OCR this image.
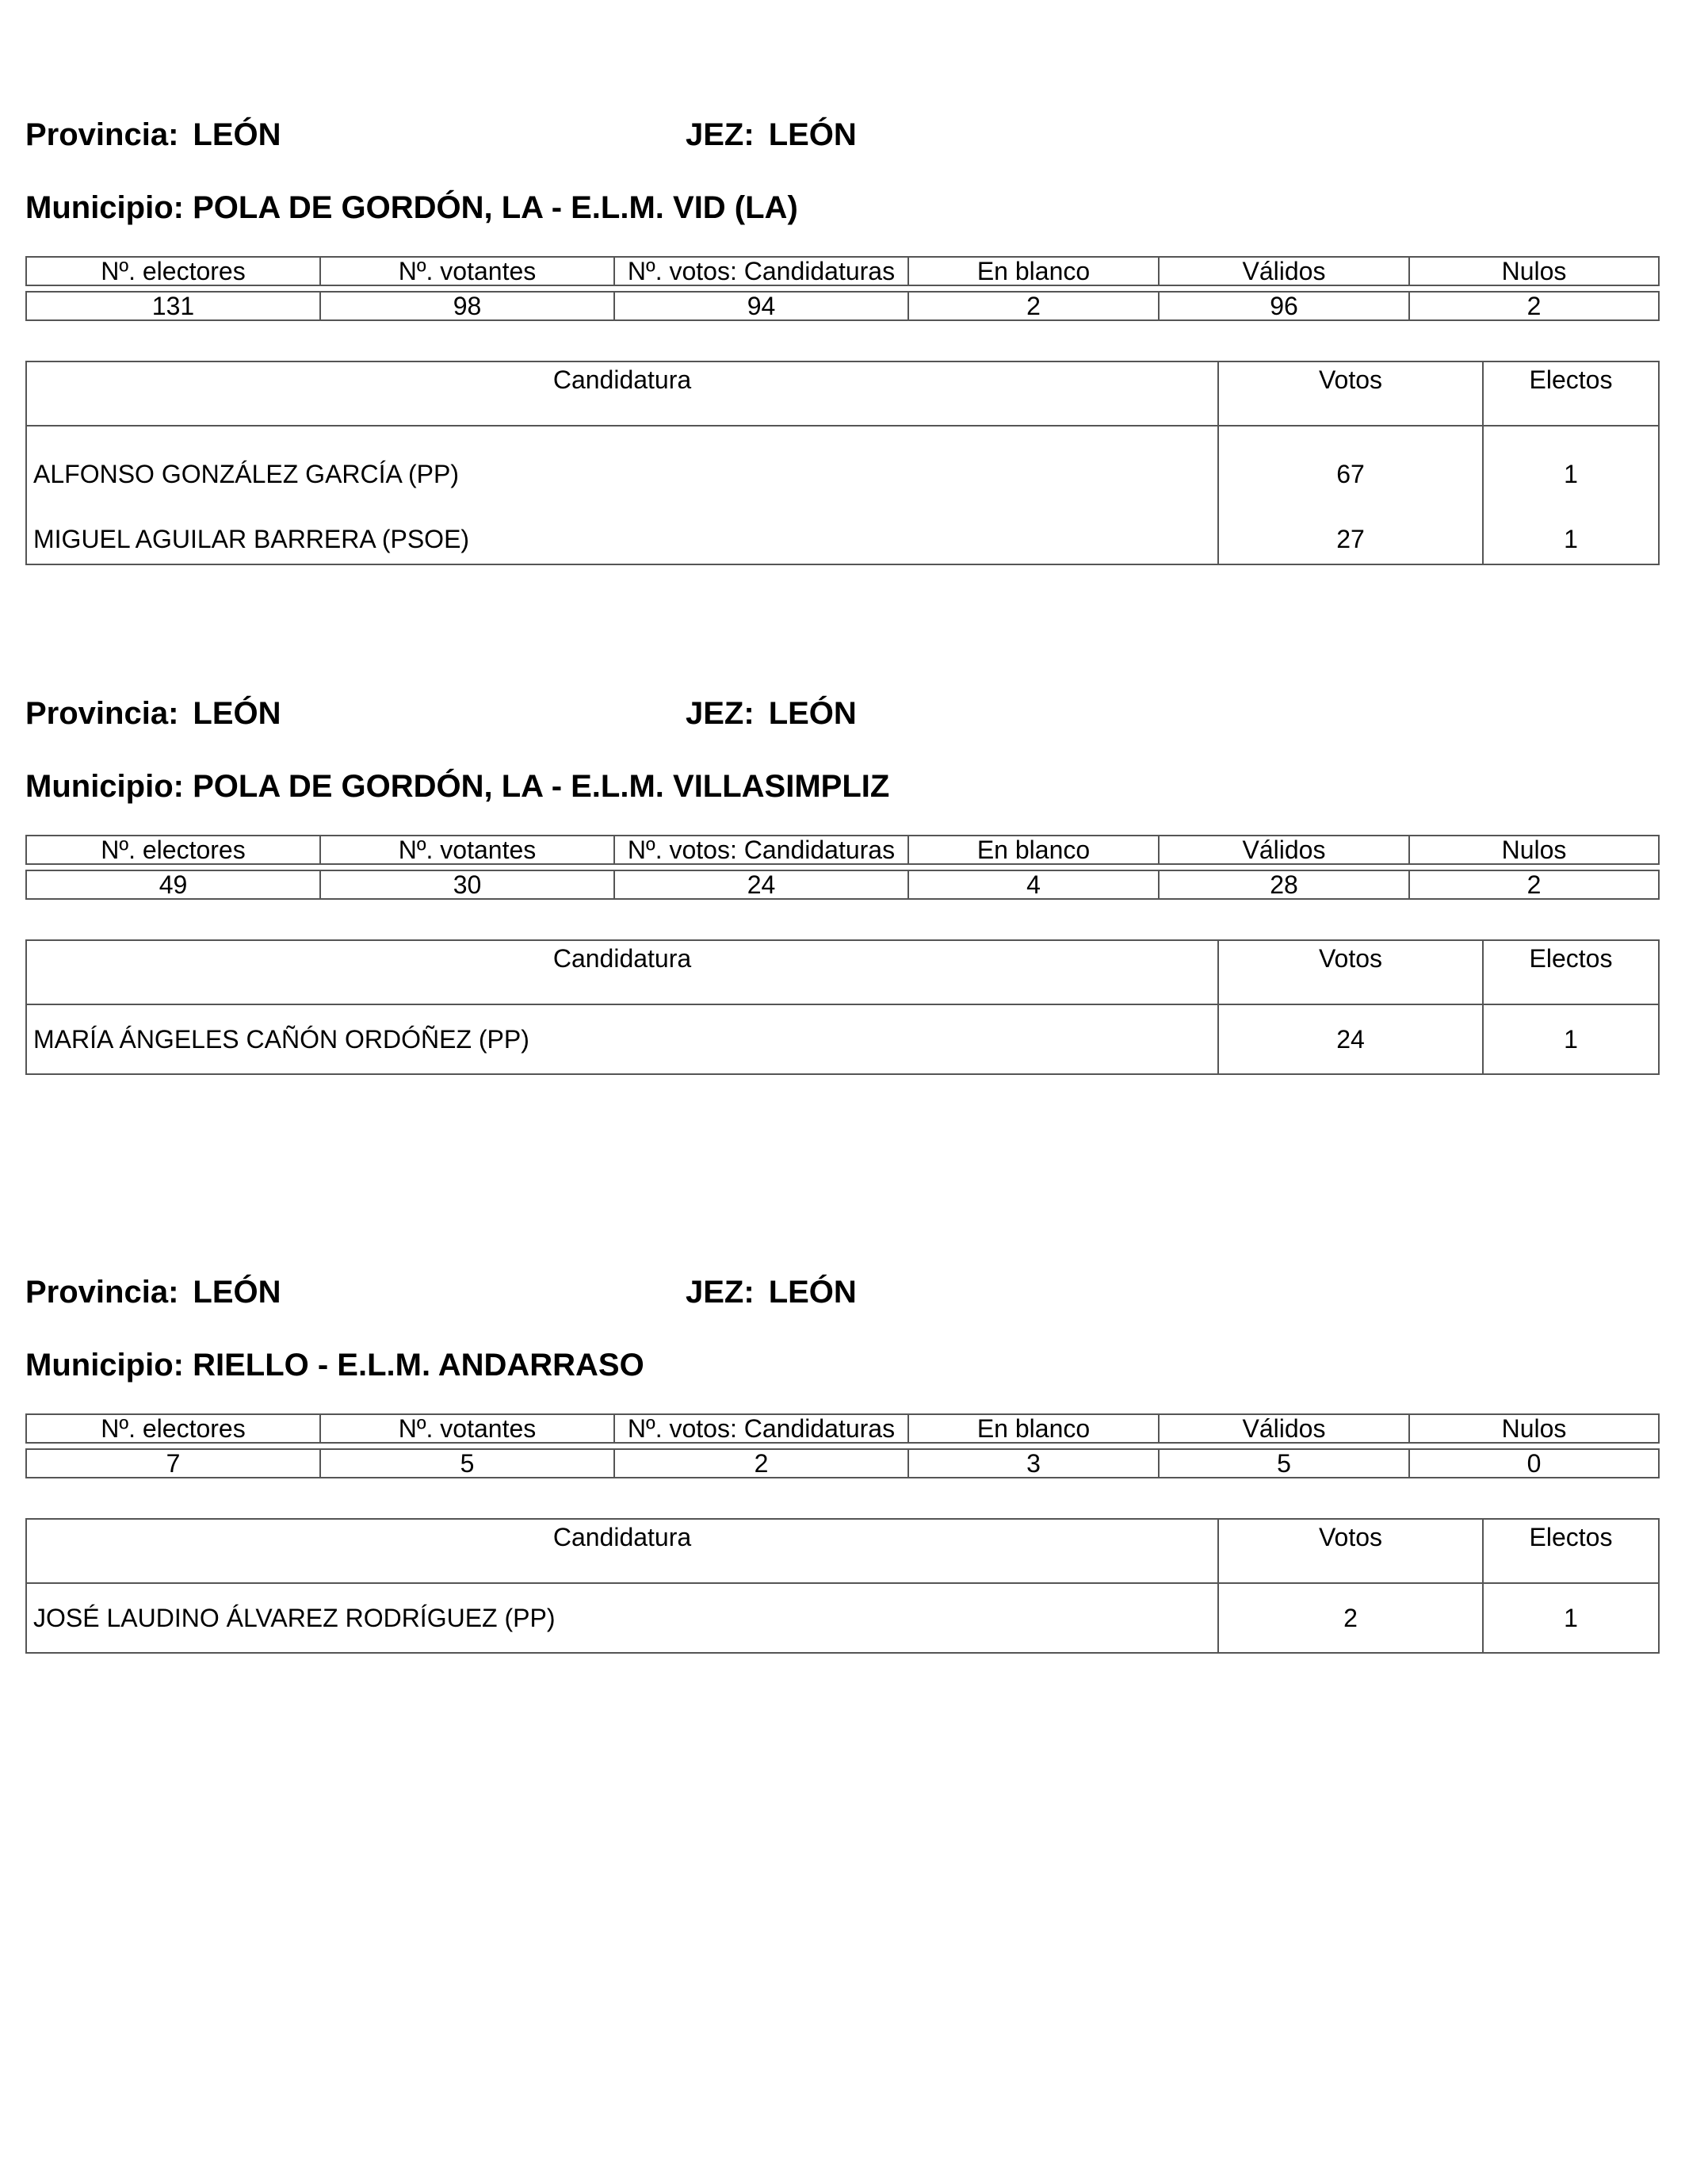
Provincia: LEÓN	JEZ: LEÓN
Municipio: POLA DE GORDÓN, LA - E.L.M. VID (LA)
Nº. electores	Nº. votantes	Nº. votos: Candidaturas	En blanco	Válidos	Nulos

131	98	94	2	96	2
Candidatura	Votos	Electos
ALFONSO GONZÁLEZ GARCÍA (PP)	67	1
MIGUEL AGUILAR BARRERA (PSOE)	27	1
Provincia: LEÓN	JEZ: LEÓN
Municipio: POLA DE GORDÓN, LA - E.L.M. VILLASIMPLIZ
Nº. electores	Nº. votantes	Nº. votos: Candidaturas	En blanco	Válidos	Nulos

49	30	24	4	28	2
Candidatura	Votos	Electos
MARÍA ÁNGELES CAÑÓN ORDÓÑEZ (PP)	24	1
Provincia: LEÓN	JEZ: LEÓN
Municipio: RIELLO - E.L.M. ANDARRASO
Nº. electores	Nº. votantes	Nº. votos: Candidaturas	En blanco	Válidos	Nulos

7	5	2	3	5	0
Candidatura	Votos	Electos
JOSÉ LAUDINO ÁLVAREZ RODRÍGUEZ (PP)	2	1
